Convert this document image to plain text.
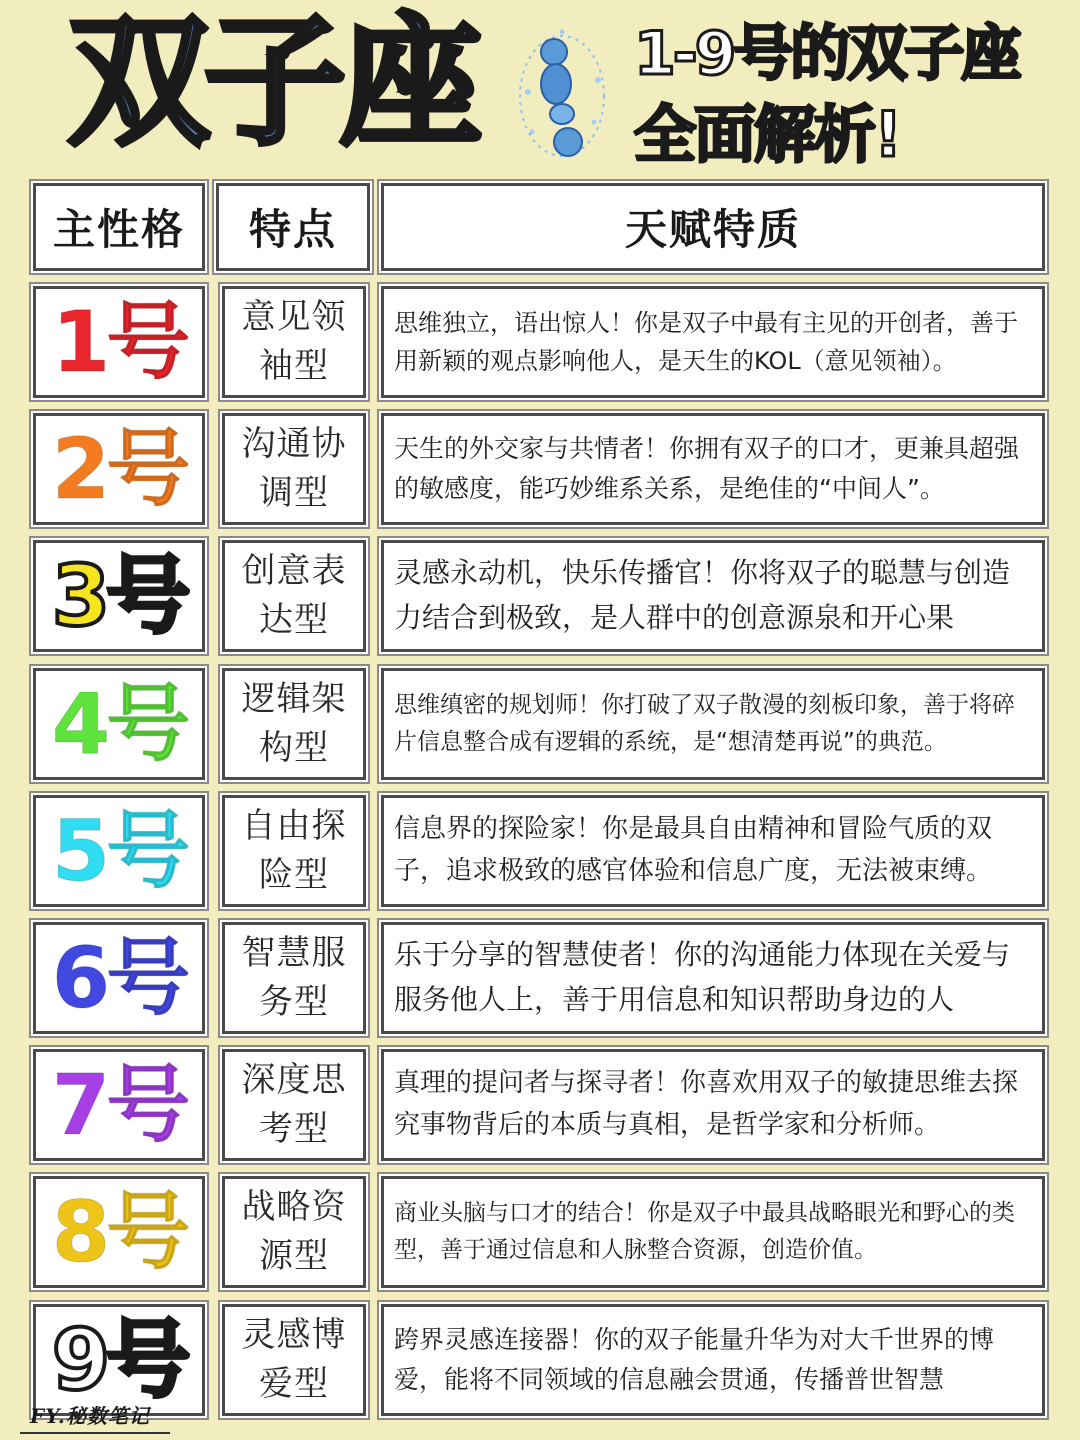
双子座	1-9号的双子座
全面解析!
主性格 特点	天赋特质
1号 意见领袖型
思维独立，语出惊人！你是双子中最有主见的开创者，善于用新颖的观点影响他人，是天生的KOL（意见领袖）。
2号 沟通协调型
天生的外交家与共情者！你拥有双子的口才，更兼具超强的敏感度，能巧妙维系关系，是绝佳的“中间人”。
3号 创意表达型
灵感永动机，快乐传播官！你将双子的聪慧与创造力结合到极致，是人群中的创意源泉和开心果
4号 逻辑架构型
思维缜密的规划师！你打破了双子散漫的刻板印象，善于将碎片信息整合成有逻辑的系统，是“想清楚再说”的典范。
5号 自由探险型
信息界的探险家！你是最具自由精神和冒险气质的双子，追求极致的感官体验和信息广度，无法被束缚。
6号 智慧服务型
乐于分享的智慧使者！你的沟通能力体现在关爱与服务他人上，善于用信息和知识帮助身边的人
7号 深度思考型
真理的提问者与探寻者！你喜欢用双子的敏捷思维去探究事物背后的本质与真相，是哲学家和分析师。
8号 战略资源型
商业头脑与口才的结合！你是双子中最具战略眼光和野心的类型，善于通过信息和人脉整合资源，创造价值。
9号 灵感博爱型
跨界灵感连接器！你的双子能量升华为对大千世界的博爱，能将不同领域的信息融会贯通，传播普世智慧
FY.秘数笔记
